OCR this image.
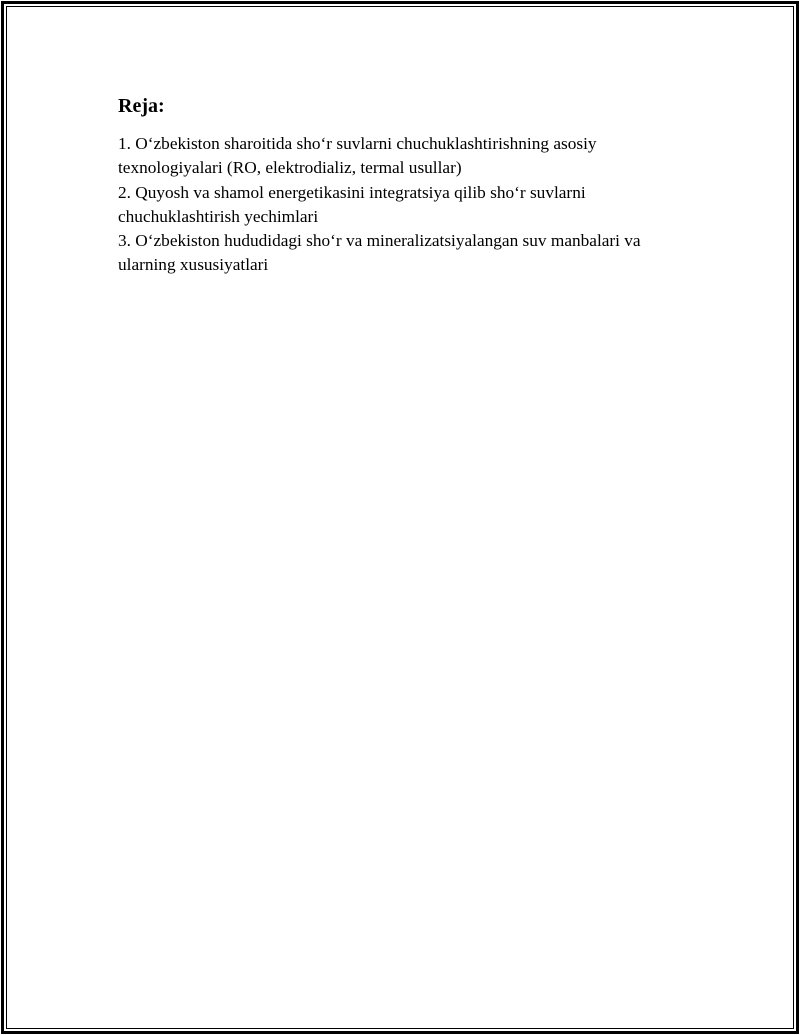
Reja:
1. O‘zbekiston sharoitida sho‘r suvlarni chuchuklashtirishning asosiy texnologiyalari (RO, elektrodializ, termal usullar)
2. Quyosh va shamol energetikasini integratsiya qilib sho‘r suvlarni chuchuklashtirish yechimlari
3. O‘zbekiston hududidagi sho‘r va mineralizatsiyalangan suv manbalari va ularning xususiyatlari
